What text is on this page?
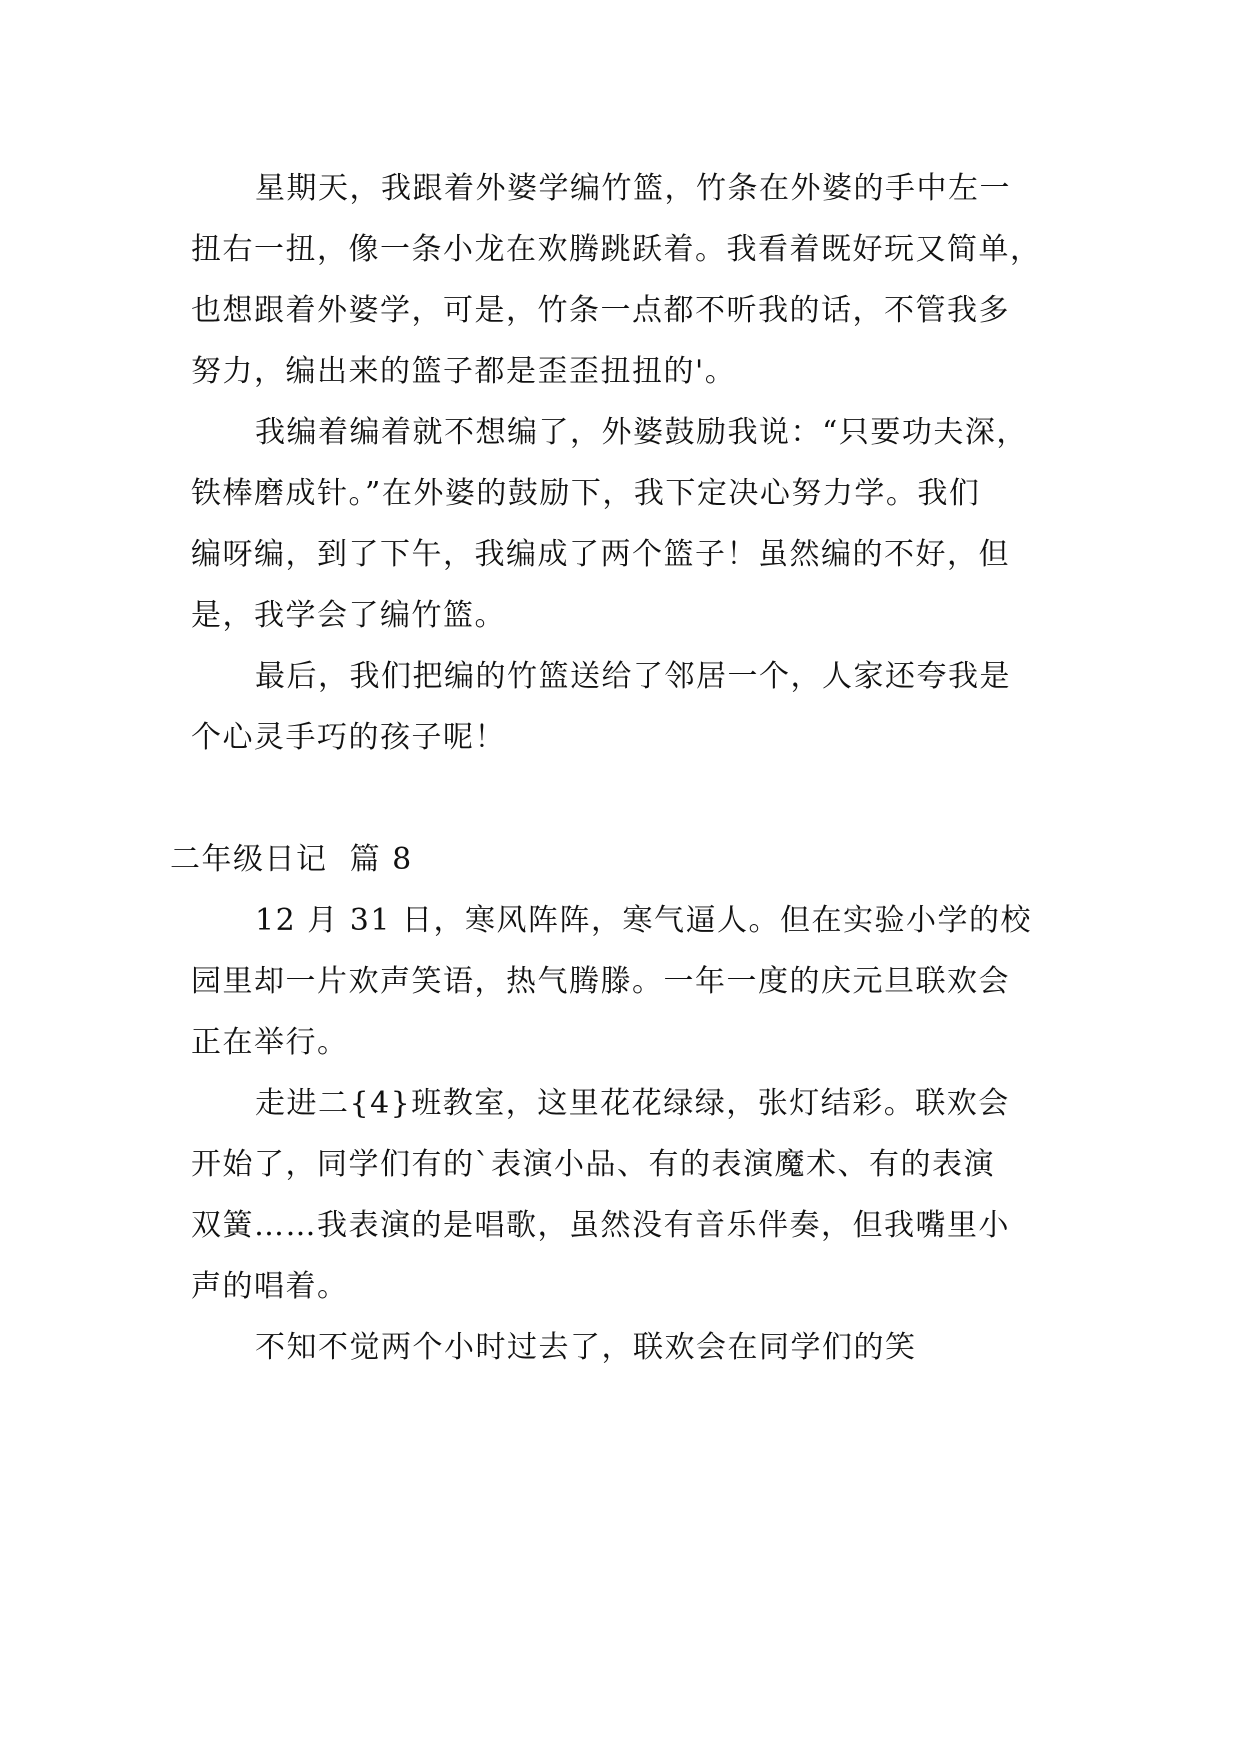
星期天，我跟着外婆学编竹篮，竹条在外婆的手中左一
扭右一扭，像一条小龙在欢腾跳跃着。我看着既好玩又简单，
也想跟着外婆学，可是，竹条一点都不听我的话，不管我多
努力，编出来的篮子都是歪歪扭扭的'。

我编着编着就不想编了，外婆鼓励我说：“只要功夫深，
铁棒磨成针。”在外婆的鼓励下，我下定决心努力学。我们
编呀编，到了下午，我编成了两个篮子！虽然编的不好，但
是，我学会了编竹篮。

最后，我们把编的竹篮送给了邻居一个，人家还夸我是
个心灵手巧的孩子呢！

二年级日记  篇 8

12 月 31 日，寒风阵阵，寒气逼人。但在实验小学的校
园里却一片欢声笑语，热气腾滕。一年一度的庆元旦联欢会
正在举行。

走进二{4}班教室，这里花花绿绿，张灯结彩。联欢会
开始了，同学们有的`表演小品、有的表演魔术、有的表演
双簧……我表演的是唱歌，虽然没有音乐伴奏，但我嘴里小
声的唱着。

不知不觉两个小时过去了，联欢会在同学们的笑
